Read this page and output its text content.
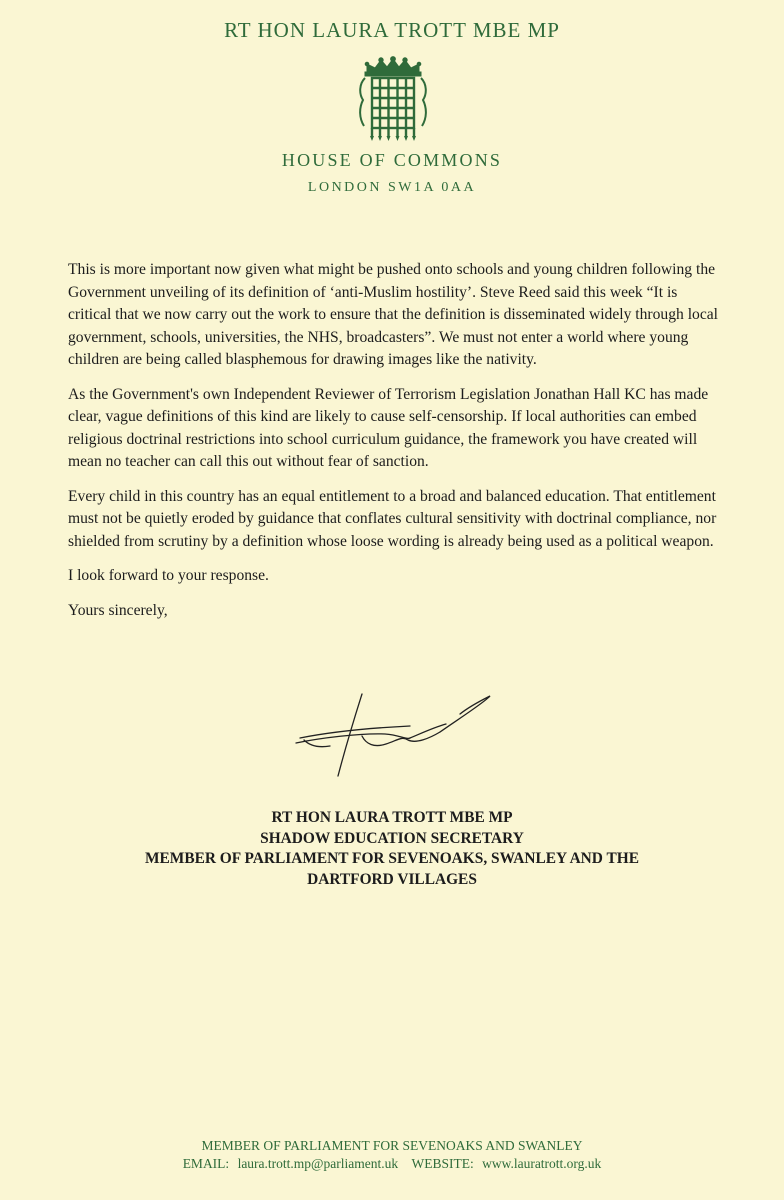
RT HON LAURA TROTT MBE MP
HOUSE OF COMMONS
LONDON SW1A 0AA

This is more important now given what might be pushed onto schools and young children following the Government unveiling of its definition of ‘anti-Muslim hostility’. Steve Reed said this week “It is critical that we now carry out the work to ensure that the definition is disseminated widely through local government, schools, universities, the NHS, broadcasters”. We must not enter a world where young children are being called blasphemous for drawing images like the nativity.

As the Government's own Independent Reviewer of Terrorism Legislation Jonathan Hall KC has made clear, vague definitions of this kind are likely to cause self-censorship. If local authorities can embed religious doctrinal restrictions into school curriculum guidance, the framework you have created will mean no teacher can call this out without fear of sanction.

Every child in this country has an equal entitlement to a broad and balanced education. That entitlement must not be quietly eroded by guidance that conflates cultural sensitivity with doctrinal compliance, nor shielded from scrutiny by a definition whose loose wording is already being used as a political weapon.

I look forward to your response.

Yours sincerely,

RT HON LAURA TROTT MBE MP
SHADOW EDUCATION SECRETARY
MEMBER OF PARLIAMENT FOR SEVENOAKS, SWANLEY AND THE
DARTFORD VILLAGES
MEMBER OF PARLIAMENT FOR SEVENOAKS AND SWANLEY
EMAIL: laura.trott.mp@parliament.uk WEBSITE: www.lauratrott.org.uk
